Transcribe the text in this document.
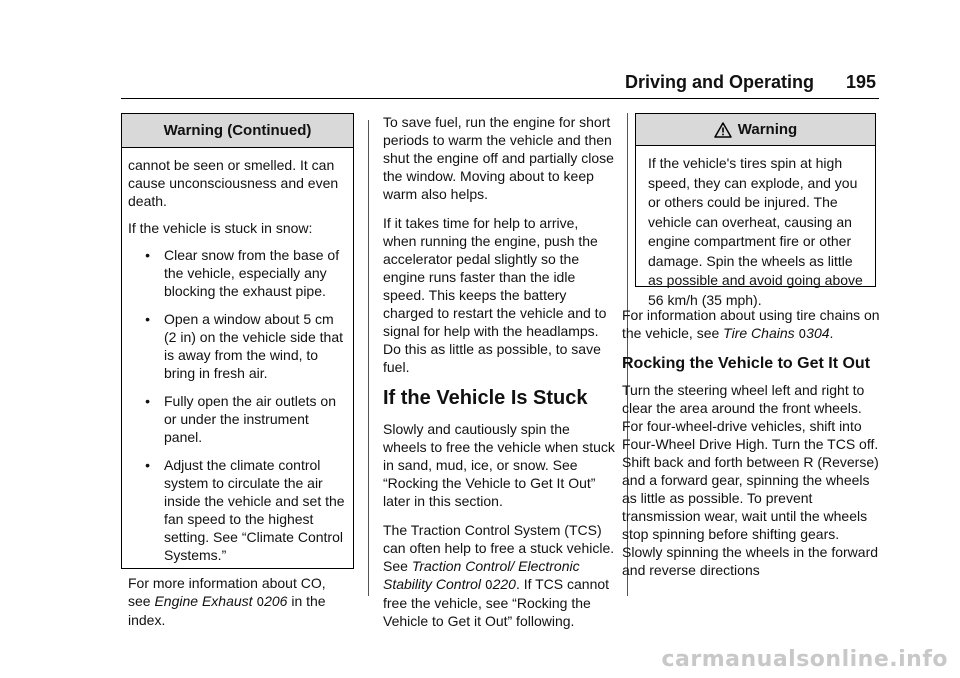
Driving and Operating 195
Warning (Continued)
cannot be seen or smelled. It can cause unconsciousness and even death.
If the vehicle is stuck in snow:
•	Clear snow from the base of the vehicle, especially any blocking the exhaust pipe.
•	Open a window about 5 cm (2 in) on the vehicle side that is away from the wind, to bring in fresh air.
•	Fully open the air outlets on or under the instrument panel.
•	Adjust the climate control system to circulate the air inside the vehicle and set the fan speed to the highest setting. See “Climate Control Systems.”
For more information about CO, see Engine Exhaust 0206 in the index.
To save fuel, run the engine for short periods to warm the vehicle and then shut the engine off and partially close the window. Moving about to keep warm also helps.
If it takes time for help to arrive, when running the engine, push the accelerator pedal slightly so the engine runs faster than the idle speed. This keeps the battery charged to restart the vehicle and to signal for help with the headlamps. Do this as little as possible, to save fuel.
If the Vehicle Is Stuck
Slowly and cautiously spin the wheels to free the vehicle when stuck in sand, mud, ice, or snow. See “Rocking the Vehicle to Get It Out” later in this section.
The Traction Control System (TCS) can often help to free a stuck vehicle. See Traction Control/ Electronic Stability Control 0220. If TCS cannot free the vehicle, see “Rocking the Vehicle to Get it Out” following.
Warning
If the vehicle's tires spin at high speed, they can explode, and you or others could be injured. The vehicle can overheat, causing an engine compartment fire or other damage. Spin the wheels as little as possible and avoid going above 56 km/h (35 mph).
For information about using tire chains on the vehicle, see Tire Chains 0304.
Rocking the Vehicle to Get It Out
Turn the steering wheel left and right to clear the area around the front wheels. For four-wheel-drive vehicles, shift into Four-Wheel Drive High. Turn the TCS off. Shift back and forth between R (Reverse) and a forward gear, spinning the wheels as little as possible. To prevent transmission wear, wait until the wheels stop spinning before shifting gears. Slowly spinning the wheels in the forward and reverse directions
carmanualsonline.info
